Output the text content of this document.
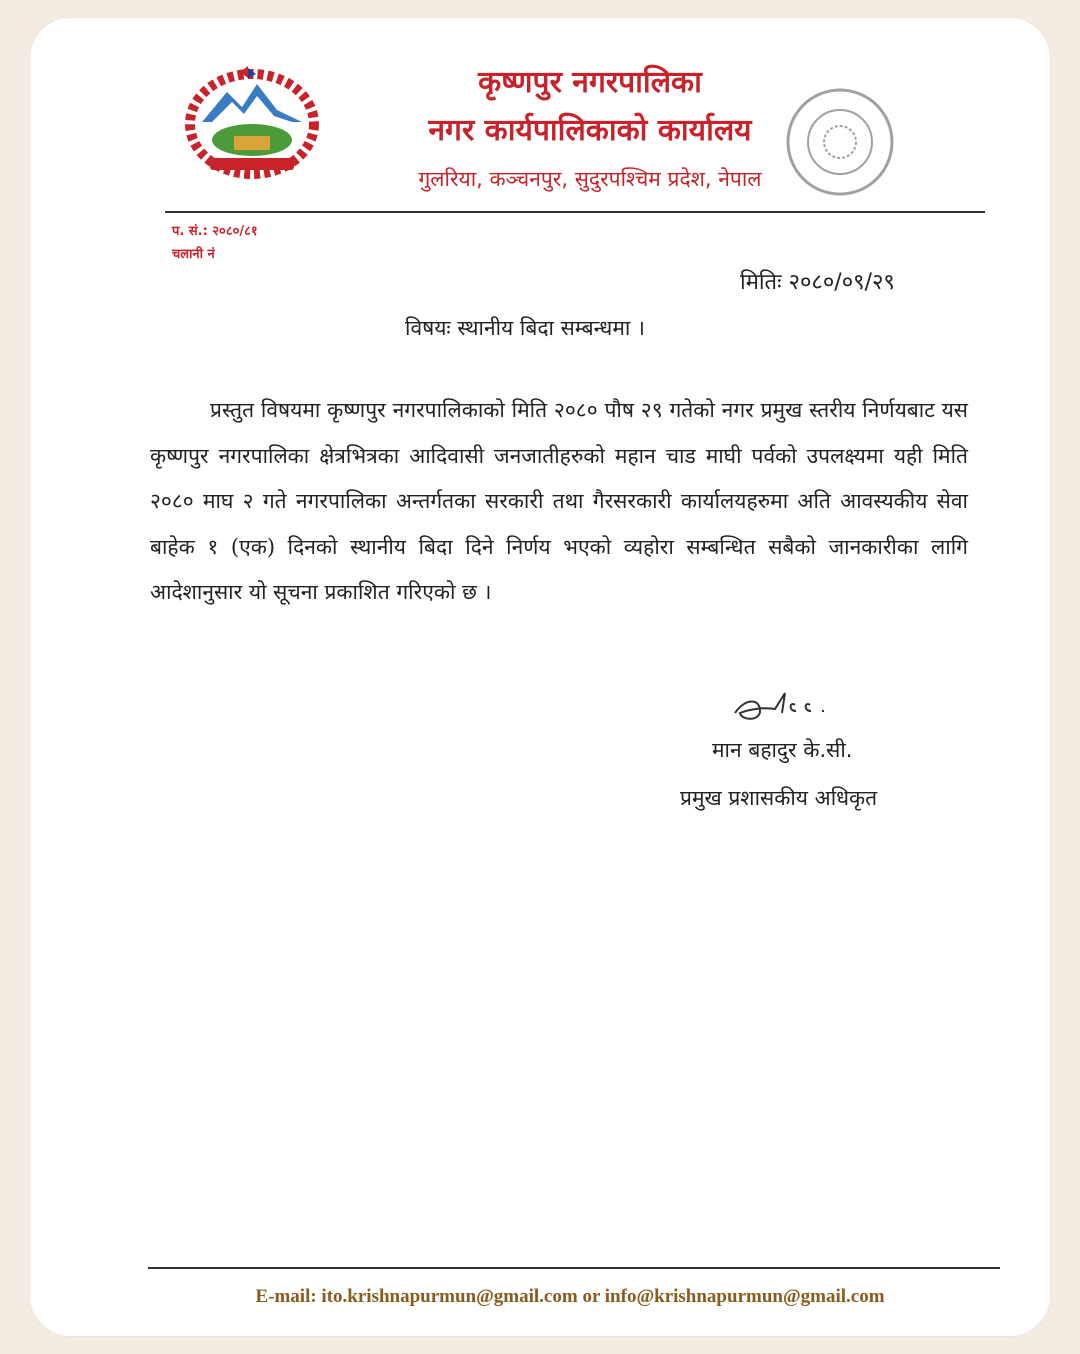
कृष्णपुर नगरपालिका
नगर कार्यपालिकाको कार्यालय
गुलरिया, कञ्चनपुर, सुदुरपश्चिम प्रदेश, नेपाल
प. सं.: २०८०/८१
चलानी नं
मितिः २०८०/०९/२९
विषयः स्थानीय बिदा सम्बन्धमा ।
प्रस्तुत विषयमा कृष्णपुर नगरपालिकाको मिति २०८० पौष २९ गतेको नगर प्रमुख स्तरीय निर्णयबाट यस कृष्णपुर नगरपालिका क्षेत्रभित्रका आदिवासी जनजातीहरुको महान चाड माघी पर्वको उपलक्ष्यमा यही मिति २०८० माघ २ गते नगरपालिका अन्तर्गतका सरकारी तथा गैरसरकारी कार्यालयहरुमा अति आवस्यकीय सेवा बाहेक १ (एक) दिनको स्थानीय बिदा दिने निर्णय भएको व्यहोरा सम्बन्धित सबैको जानकारीका लागि आदेशानुसार यो सूचना प्रकाशित गरिएको छ ।
मान बहादुर के.सी.
प्रमुख प्रशासकीय अधिकृत
E-mail: ito.krishnapurmun@gmail.com or info@krishnapurmun@gmail.com
